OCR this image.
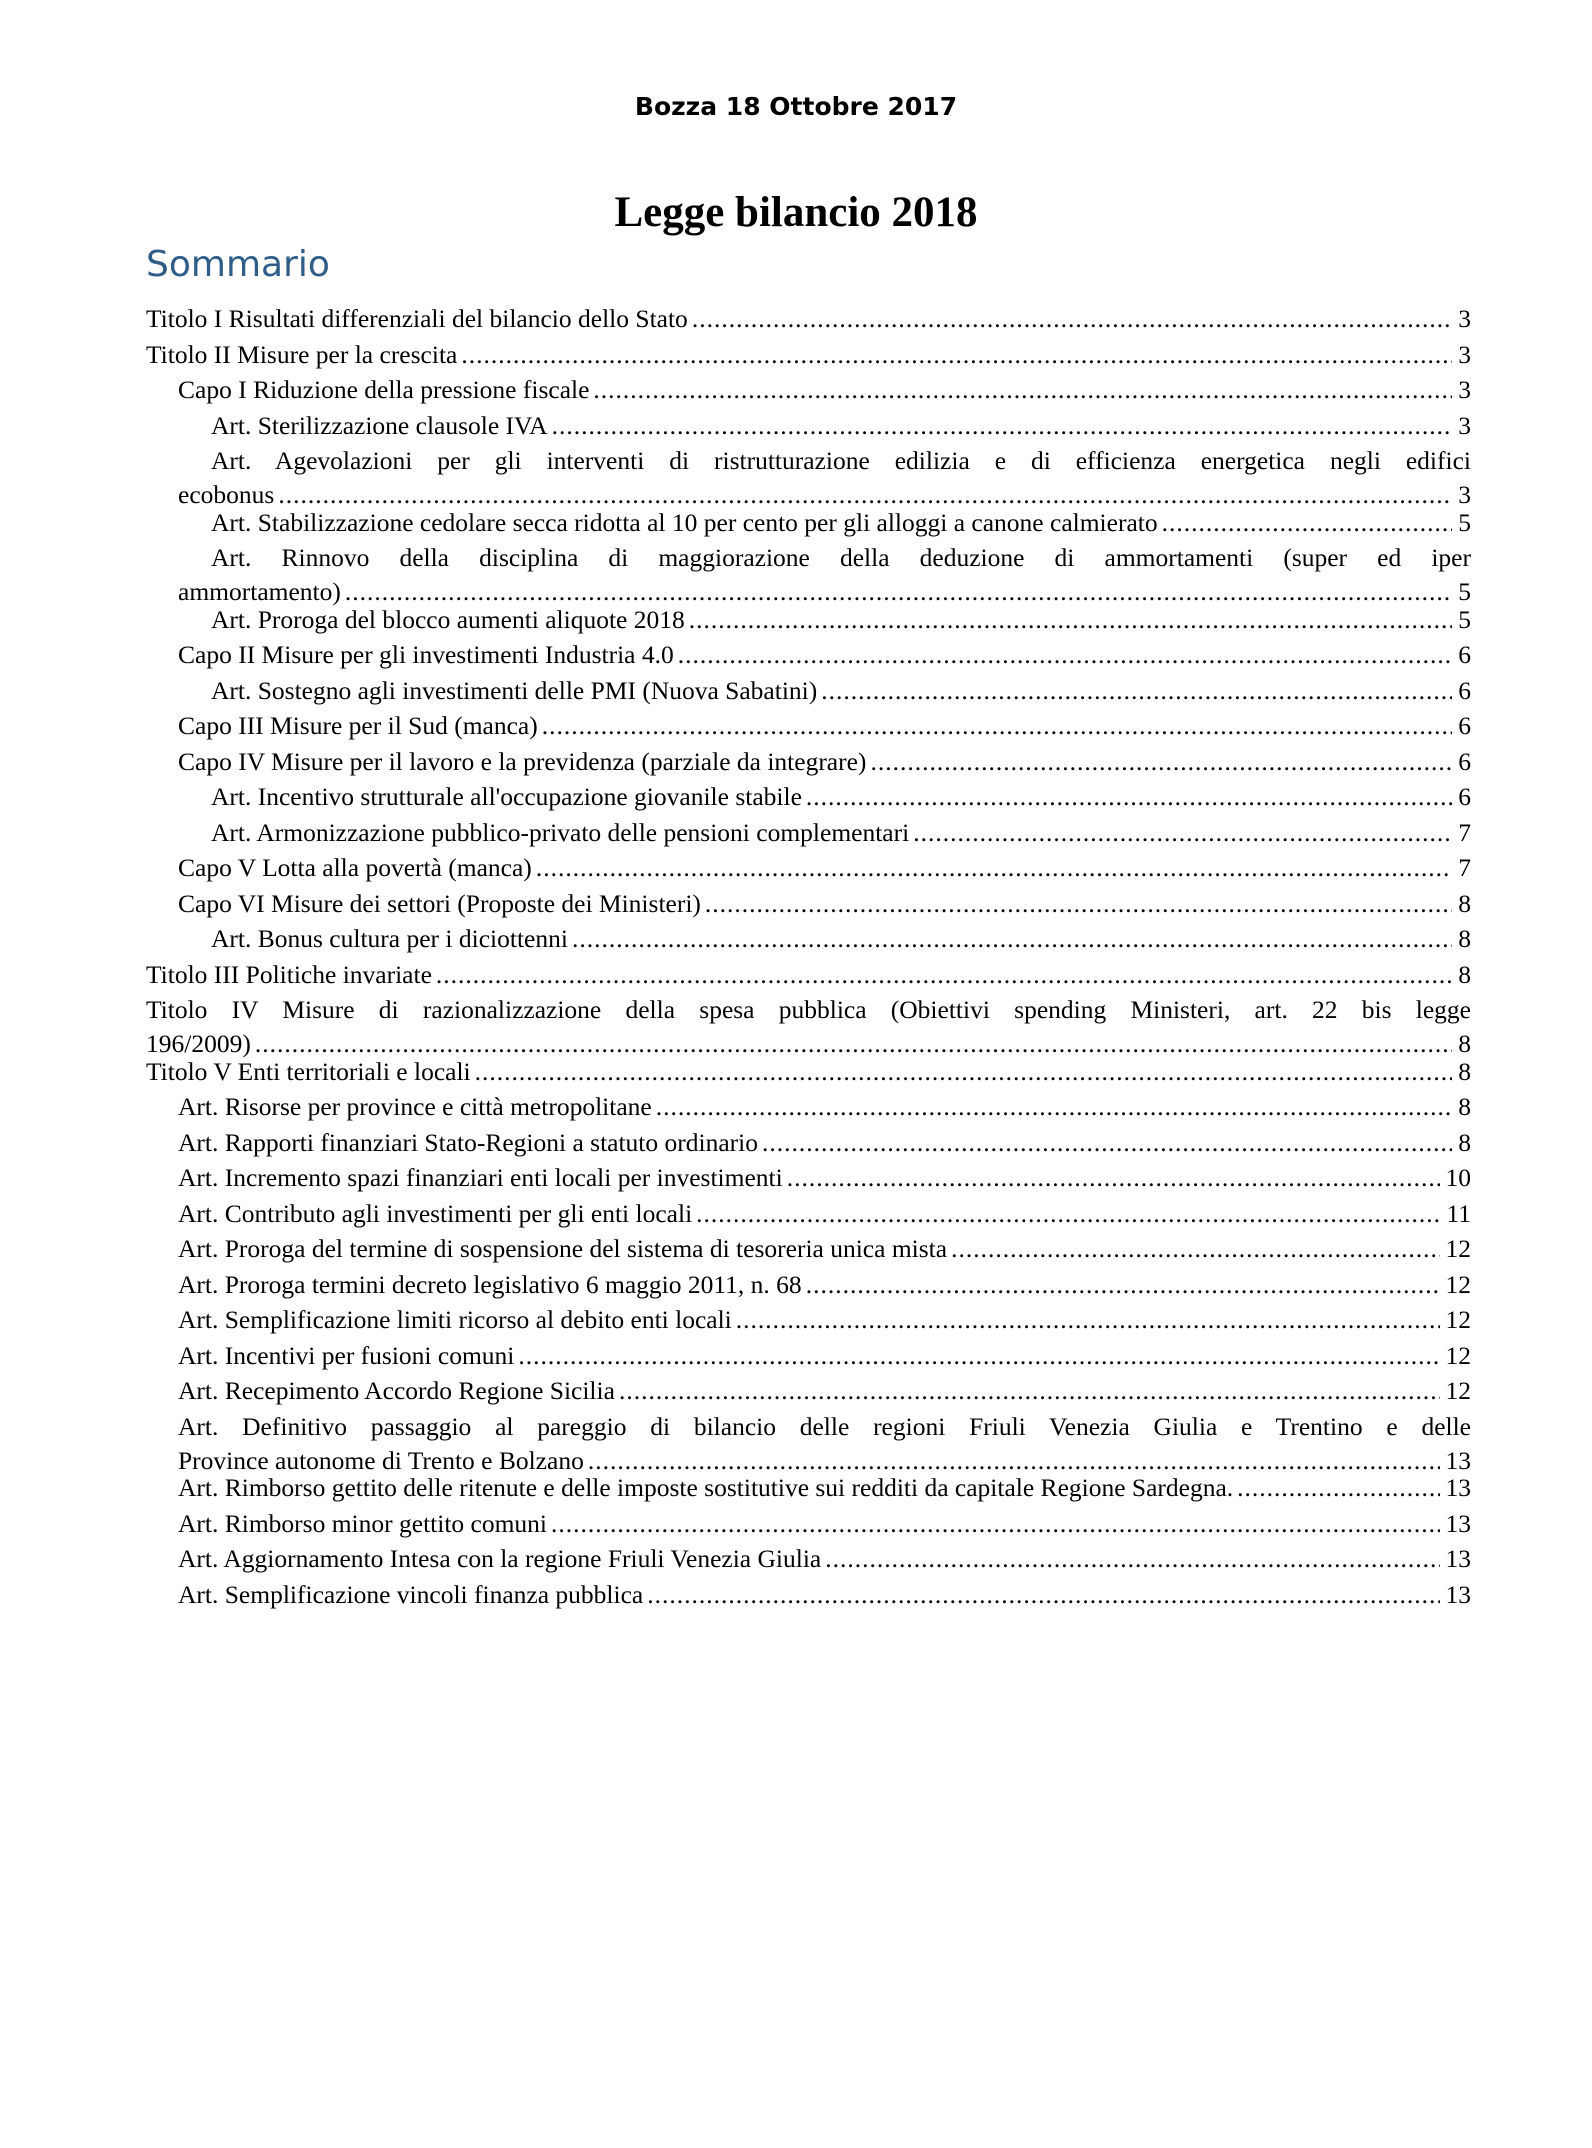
Bozza 18 Ottobre 2017
Legge bilancio 2018
Sommario
Titolo I Risultati differenziali del bilancio dello Stato .....	3
Titolo II Misure per la crescita .....	3
Capo I Riduzione della pressione fiscale .....	3
Art. Sterilizzazione clausole IVA .....	3
Art. Agevolazioni per gli interventi di ristrutturazione edilizia e di efficienza energetica negli edifici
ecobonus .....	3
Art. Stabilizzazione cedolare secca ridotta al 10 per cento per gli alloggi a canone calmierato .....	5
Art. Rinnovo della disciplina di maggiorazione della deduzione di ammortamenti (super ed iper
ammortamento) .....	5
Art. Proroga del blocco aumenti aliquote 2018 .....	5
Capo II Misure per gli investimenti Industria 4.0 .....	6
Art. Sostegno agli investimenti delle PMI (Nuova Sabatini) .....	6
Capo III Misure per il Sud (manca) .....	6
Capo IV Misure per il lavoro e la previdenza (parziale da integrare) .....	6
Art. Incentivo strutturale all'occupazione giovanile stabile .....	6
Art. Armonizzazione pubblico-privato delle pensioni complementari .....	7
Capo V Lotta alla povertà (manca) .....	7
Capo VI Misure dei settori (Proposte dei Ministeri) .....	8
Art. Bonus cultura per i diciottenni .....	8
Titolo III Politiche invariate .....	8
Titolo IV Misure di razionalizzazione della spesa pubblica (Obiettivi spending Ministeri, art. 22 bis legge
196/2009) .....	8
Titolo V Enti territoriali e locali .....	8
Art. Risorse per province e città metropolitane .....	8
Art. Rapporti finanziari Stato-Regioni a statuto ordinario .....	8
Art. Incremento spazi finanziari enti locali per investimenti .....	10
Art. Contributo agli investimenti per gli enti locali .....	11
Art. Proroga del termine di sospensione del sistema di tesoreria unica mista .....	12
Art. Proroga termini decreto legislativo 6 maggio 2011, n. 68 .....	12
Art. Semplificazione limiti ricorso al debito enti locali .....	12
Art. Incentivi per fusioni comuni .....	12
Art. Recepimento Accordo Regione Sicilia .....	12
Art. Definitivo passaggio al pareggio di bilancio delle regioni Friuli Venezia Giulia e Trentino e delle
Province autonome di Trento e Bolzano .....	13
Art. Rimborso gettito delle ritenute e delle imposte sostitutive sui redditi da capitale Regione Sardegna. .....	13
Art. Rimborso minor gettito comuni .....	13
Art. Aggiornamento Intesa con la regione Friuli Venezia Giulia .....	13
Art. Semplificazione vincoli finanza pubblica .....	13
